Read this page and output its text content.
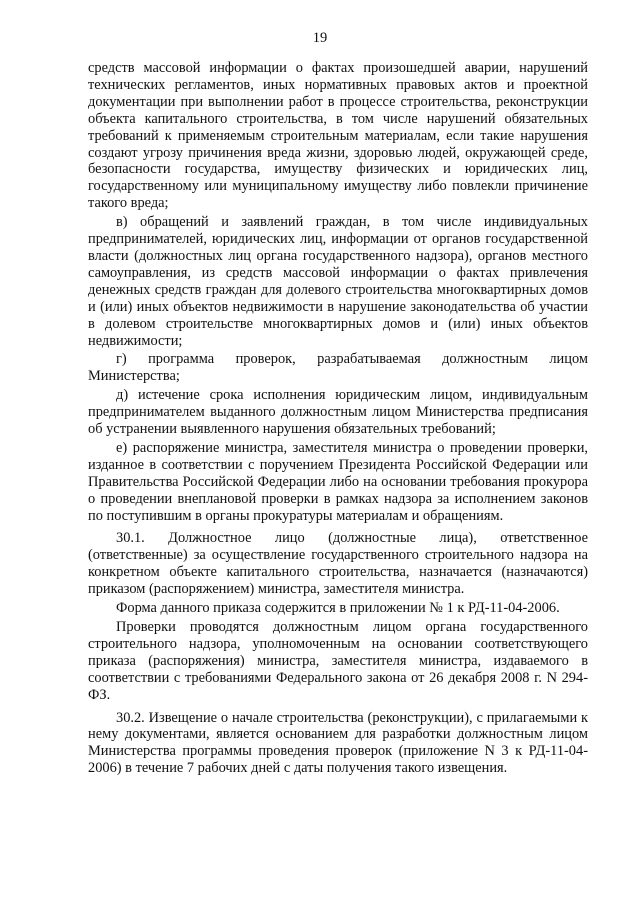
19

средств массовой информации о фактах произошедшей аварии, нарушений технических регламентов, иных нормативных правовых актов и проектной документации при выполнении работ в процессе строительства, реконструкции объекта капитального строительства, в том числе нарушений обязательных требований к применяемым строительным материалам, если такие нарушения создают угрозу причинения вреда жизни, здоровью людей, окружающей среде, безопасности государства, имуществу физических и юридических лиц, государственному или муниципальному имуществу либо повлекли причинение такого вреда;

в) обращений и заявлений граждан, в том числе индивидуальных предпринимателей, юридических лиц, информации от органов государственной власти (должностных лиц органа государственного надзора), органов местного самоуправления, из средств массовой информации о фактах привлечения денежных средств граждан для долевого строительства многоквартирных домов и (или) иных объектов недвижимости в нарушение законодательства об участии в долевом строительстве многоквартирных домов и (или) иных объектов недвижимости;

г) программа проверок, разрабатываемая должностным лицом Министерства;

д) истечение срока исполнения юридическим лицом, индивидуальным предпринимателем выданного должностным лицом Министерства предписания об устранении выявленного нарушения обязательных требований;

е) распоряжение министра, заместителя министра о проведении проверки, изданное в соответствии с поручением Президента Российской Федерации или Правительства Российской Федерации либо на основании требования прокурора о проведении внеплановой проверки в рамках надзора за исполнением законов по поступившим в органы прокуратуры материалам и обращениям.

30.1. Должностное лицо (должностные лица), ответственное (ответственные) за осуществление государственного строительного надзора на конкретном объекте капитального строительства, назначается (назначаются) приказом (распоряжением) министра, заместителя министра.

Форма данного приказа содержится в приложении № 1 к РД-11-04-2006.

Проверки проводятся должностным лицом органа государственного строительного надзора, уполномоченным на основании соответствующего приказа (распоряжения) министра, заместителя министра, издаваемого в соответствии с требованиями Федерального закона от 26 декабря 2008 г. N 294-ФЗ.

30.2. Извещение о начале строительства (реконструкции), с прилагаемыми к нему документами, является основанием для разработки должностным лицом Министерства программы проведения проверок (приложение N 3 к РД-11-04-2006) в течение 7 рабочих дней с даты получения такого извещения.
